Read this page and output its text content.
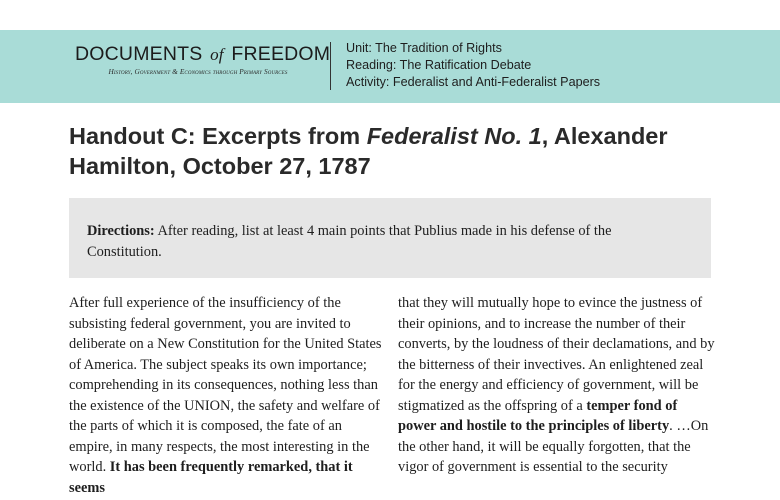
DOCUMENTS of FREEDOM
History, Government & Economics through Primary Sources
Unit: The Tradition of Rights
Reading: The Ratification Debate
Activity: Federalist and Anti-Federalist Papers
Handout C: Excerpts from Federalist No. 1, Alexander Hamilton, October 27, 1787

Directions: After reading, list at least 4 main points that Publius made in his defense of the Constitution.

After full experience of the insufficiency of the subsisting federal government, you are invited to deliberate on a New Constitution for the United States of America. The subject speaks its own importance; comprehending in its consequences, nothing less than the existence of the UNION, the safety and welfare of the parts of which it is composed, the fate of an empire, in many respects, the most interesting in the world. It has been frequently remarked, that it seems

that they will mutually hope to evince the justness of their opinions, and to increase the number of their converts, by the loudness of their declamations, and by the bitterness of their invectives. An enlightened zeal for the energy and efficiency of government, will be stigmatized as the offspring of a temper fond of power and hostile to the principles of liberty. …On the other hand, it will be equally forgotten, that the vigor of government is essential to the security
